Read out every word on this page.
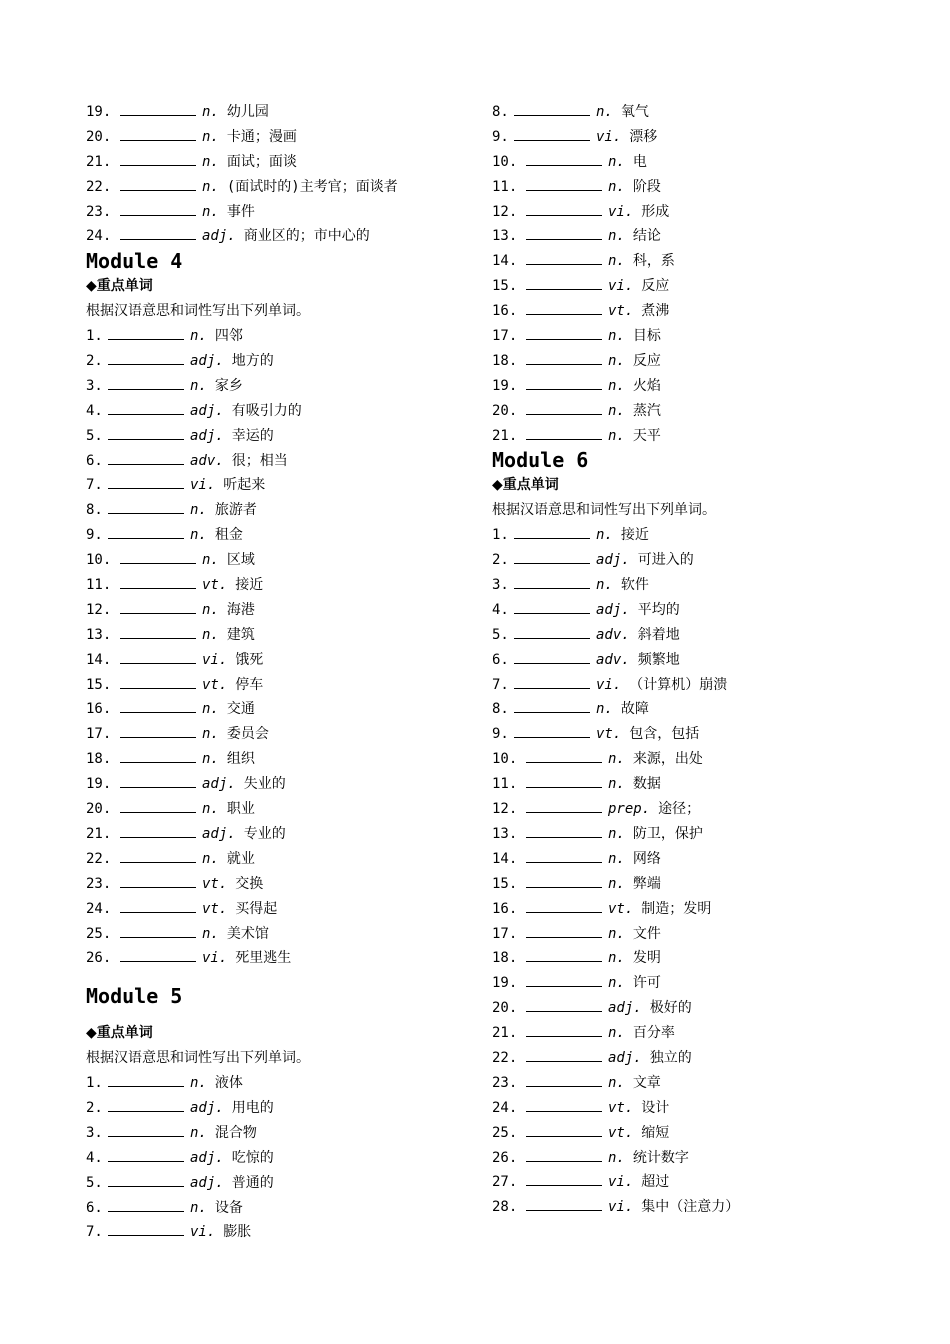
19.	n. 幼儿园
20.	n. 卡通；漫画
21.	n. 面试；面谈
22.	n. (面试时的)主考官；面谈者
23.	n. 事件
24.	adj. 商业区的；市中心的
Module 4
◆重点单词
根据汉语意思和词性写出下列单词。
1.	n. 四邻
2.	adj. 地方的
3.	n. 家乡
4.	adj. 有吸引力的
5.	adj. 幸运的
6.	adv. 很；相当
7.	vi. 听起来
8.	n. 旅游者
9.	n. 租金
10.	n. 区域
11.	vt. 接近
12.	n. 海港
13.	n. 建筑
14.	vi. 饿死
15.	vt. 停车
16.	n. 交通
17.	n. 委员会
18.	n. 组织
19.	adj. 失业的
20.	n. 职业
21.	adj. 专业的
22.	n. 就业
23.	vt. 交换
24.	vt. 买得起
25.	n. 美术馆
26.	vi. 死里逃生
Module 5
◆重点单词
根据汉语意思和词性写出下列单词。
1.	n. 液体
2.	adj. 用电的
3.	n. 混合物
4.	adj. 吃惊的
5.	adj. 普通的
6.	n. 设备
7.	vi. 膨胀
8.	n. 氧气
9.	vi. 漂移
10.	n. 电
11.	n. 阶段
12.	vi. 形成
13.	n. 结论
14.	n. 科，系
15.	vi. 反应
16.	vt. 煮沸
17.	n. 目标
18.	n. 反应
19.	n. 火焰
20.	n. 蒸汽
21.	n. 天平
Module 6
◆重点单词
根据汉语意思和词性写出下列单词。
1.	n. 接近
2.	adj. 可进入的
3.	n. 软件
4.	adj. 平均的
5.	adv. 斜着地
6.	adv. 频繁地
7.	vi. （计算机）崩溃
8.	n. 故障
9.	vt. 包含，包括
10.	n. 来源，出处
11.	n. 数据
12.	prep. 途径；
13.	n. 防卫，保护
14.	n. 网络
15.	n. 弊端
16.	vt. 制造；发明
17.	n. 文件
18.	n. 发明
19.	n. 许可
20.	adj. 极好的
21.	n. 百分率
22.	adj. 独立的
23.	n. 文章
24.	vt. 设计
25.	vt. 缩短
26.	n. 统计数字
27.	vi. 超过
28.	vi. 集中（注意力）
